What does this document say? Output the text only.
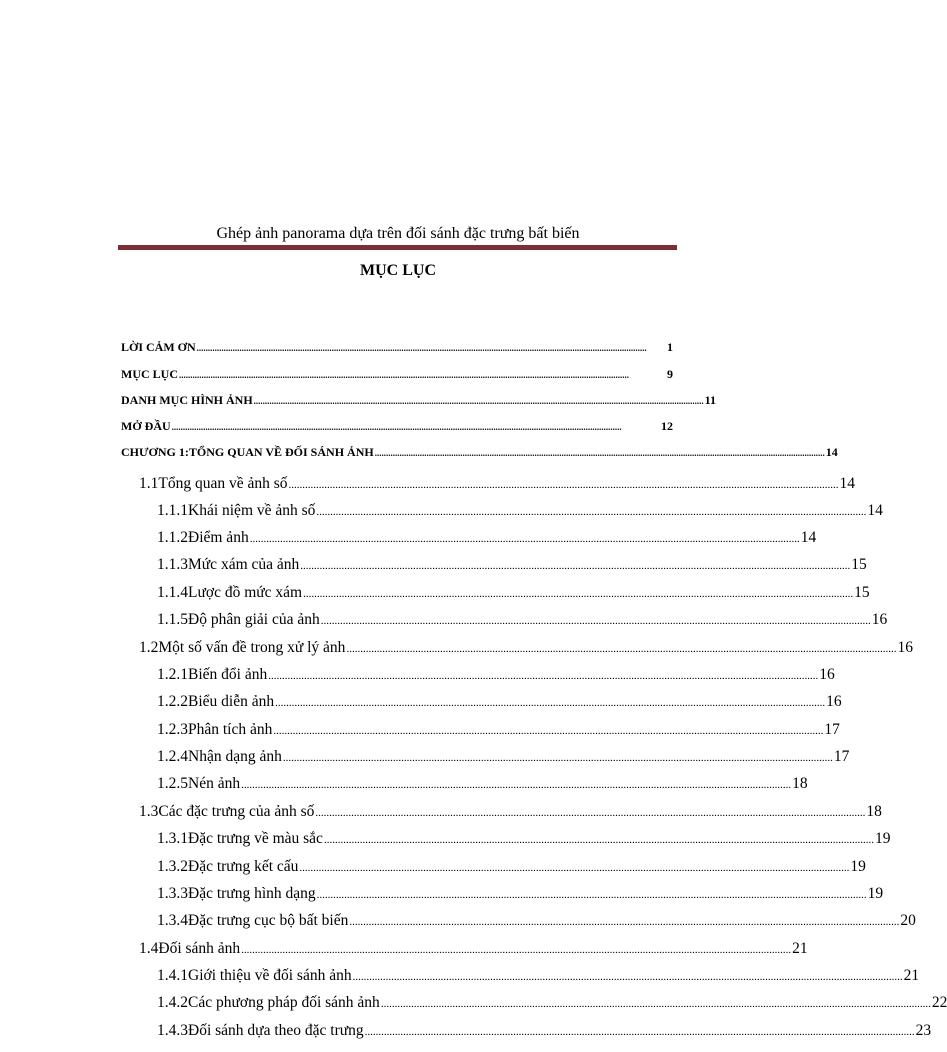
Ghép ảnh panorama dựa trên đối sánh đặc trưng bất biến
MỤC LỤC
LỜI CẢM ƠN ........................................................................................................................................................................................................	1
MỤC LỤC ........................................................................................................................................................................................................	9
DANH MỤC HÌNH ẢNH ........................................................................................................................................................................................................ 11
MỞ ĐẦU ........................................................................................................................................................................................................	12
CHƯƠNG 1: TỔNG QUAN VỀ ĐỐI SÁNH ẢNH ........................................................................................................................................................................................................ 14
1.1 Tổng quan về ảnh số ........................................................................................................................................................................................................ 14
1.1.1 Khái niệm về ảnh số ........................................................................................................................................................................................................ 14
1.1.2 Điểm ảnh ........................................................................................................................................................................................................ 14
1.1.3 Mức xám của ảnh ........................................................................................................................................................................................................ 15
1.1.4 Lược đồ mức xám ........................................................................................................................................................................................................ 15
1.1.5 Độ phân giải của ảnh ........................................................................................................................................................................................................ 16
1.2 Một số vấn đề trong xử lý ảnh ........................................................................................................................................................................................................ 16
1.2.1 Biến đổi ảnh ........................................................................................................................................................................................................ 16
1.2.2 Biểu diễn ảnh ........................................................................................................................................................................................................ 16
1.2.3 Phân tích ảnh ........................................................................................................................................................................................................ 17
1.2.4 Nhận dạng ảnh ........................................................................................................................................................................................................ 17
1.2.5 Nén ảnh ........................................................................................................................................................................................................ 18
1.3 Các đặc trưng của ảnh số ........................................................................................................................................................................................................ 18
1.3.1 Đặc trưng về màu sắc ........................................................................................................................................................................................................ 19
1.3.2 Đặc trưng kết cấu ........................................................................................................................................................................................................ 19
1.3.3 Đặc trưng hình dạng ........................................................................................................................................................................................................ 19
1.3.4 Đặc trưng cục bộ bất biến ........................................................................................................................................................................................................ 20
1.4 Đối sánh ảnh ........................................................................................................................................................................................................ 21
1.4.1 Giới thiệu về đối sánh ảnh ........................................................................................................................................................................................................ 21
1.4.2 Các phương pháp đối sánh ảnh ........................................................................................................................................................................................................ 22
1.4.3 Đối sánh dựa theo đặc trưng ........................................................................................................................................................................................................ 23
